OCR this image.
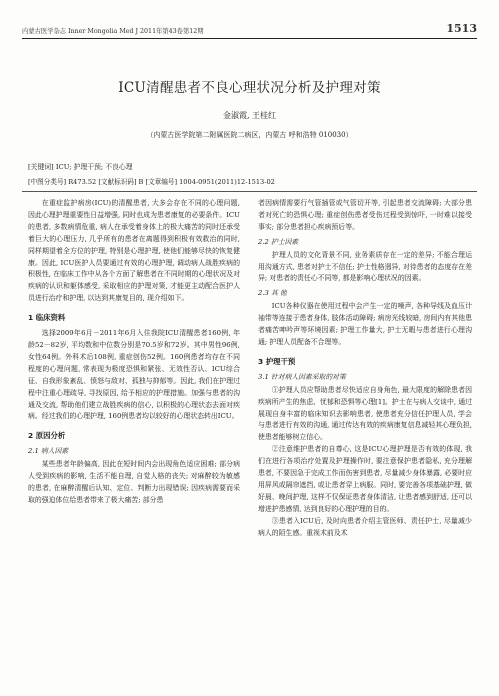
内蒙古医学杂志 Inner Mongolia Med J 2011年第43卷第12期	1513
ICU清醒患者不良心理状况分析及护理对策
金淑霞, 王桂红
（内蒙古医学院第二附属医院二病区，内蒙古 呼和浩特 010030）
[关键词] ICU; 护理干预; 不良心理
[中图分类号] R473.52 [文献标识码] B [文章编号] 1004-0951(2011)12-1513-02

在重症监护病房(ICU)的清醒患者, 大多会存在不同的心理问题, 因此心理护理重要性日益增强, 同时也成为患者康复的必要条件。ICU的患者, 多数病情危重, 病人在承受着身体上的极大痛苦的同时还承受着巨大的心理压力, 几乎所有的患者在离题得到积极有效救治的同时, 同样期望着全方位的护理, 特别是心理护理, 使他们能够尽快的恢复健康。因此, ICU医护人员要通过有效的心理护理, 调动病人战胜疾病的积极性, 在临床工作中从各个方面了解患者在不同时期的心理状况及对疾病的认识和躯体感受, 采取相应的护理对策, 才能更主动配合医护人员进行治疗和护理, 以达到其康复目的, 现介绍如下。

1 临床资料

选择2009年6月－2011年6月入住我院ICU清醒患者160例, 年龄52－82岁, 平均数和中位数分别是70.5岁和72岁。其中男性96例, 女性64例。外科术后108例, 重症创伤52例。160例患者均存在不同程度的心理问题, 常表现为极度恐惧和紧张、无效性否认、ICU综合征、自我形象紊乱、愤怒与敌对、孤独与抑郁等。因此, 我们在护理过程中注重心理疏导, 寻找原因, 给予相应的护理措施。加强与患者的沟通及交流, 帮助他们建立战胜疾病的信心, 以积极的心理状态去面对疾病。经过我们的心理护理, 160例患者均以较好的心理状态转出ICU。

2 原因分析
2.1 病人因素

某些患者年龄偏高, 因此在短时间内会出现角色适应困难; 部分病人受到疾病的影响, 生活不能自理, 自觉人格的丧失; 对麻醉较为敏感的患者, 在麻醉清醒后认知、定位、判断力出现错误; 因疾病需要而采取的强迫体位给患者带来了极大痛苦; 部分患

者因病情需要行气管插管或气管切开等, 引起患者交流障碍; 大部分患者对死亡的恐惧心理; 重症创伤患者受伤过程受到惊吓, 一时难以接受事实; 部分患者担心疾病预后等。

2.2 护士因素

护理人员的文化背景不同, 业务素质存在一定的差异; 不能合理运用沟通方式, 患者对护士不信任; 护士性格迥异, 对待患者的态度存在差异; 对患者的责任心不同等, 都是影响心理状况的因素。

2.3 其 他

ICU各种仪器在使用过程中会产生一定的噪声, 各种导线及血压计袖带等连接于患者身体, 肢体活动障碍; 病房光线较暗, 房间内有其他患者痛苦呻吟声等环境因素; 护理工作量大, 护士无暇与患者进行心理沟通; 护理人员配备不合理等。

3 护理干预
3.1 针对病人因素采取的对策

①护理人员应帮助患者尽快适应自身角色, 最大限度的解除患者因疾病所产生的焦虑、忧郁和恐惧等心理[1]。护士在与病人交谈中, 通过展现自身丰富的临床知识去影响患者, 使患者充分信任护理人员, 学会与患者进行有效的沟通, 通过传达有效的疾病康复信息减轻其心理负担, 使患者能够树立信心。

②注意维护患者的自尊心, 这是ICU心理护理是否有效的体现, 我们在进行各项治疗处置及护理操作时, 要注意保护患者隐私, 充分理解患者, 不要因急于完成工作而伤害到患者, 尽量减少身体暴露, 必要时应用屏风或隔帘遮挡, 或让患者穿上病服。同时, 要完善各项基础护理, 做好晨、晚间护理, 这样不仅保证患者身体清洁, 让患者感到舒适, 还可以增进护患感情, 达到良好的心理护理的目的。

③患者入ICU后, 及时向患者介绍主管医师、责任护士, 尽量减少病人的陌生感。重视术前及术
